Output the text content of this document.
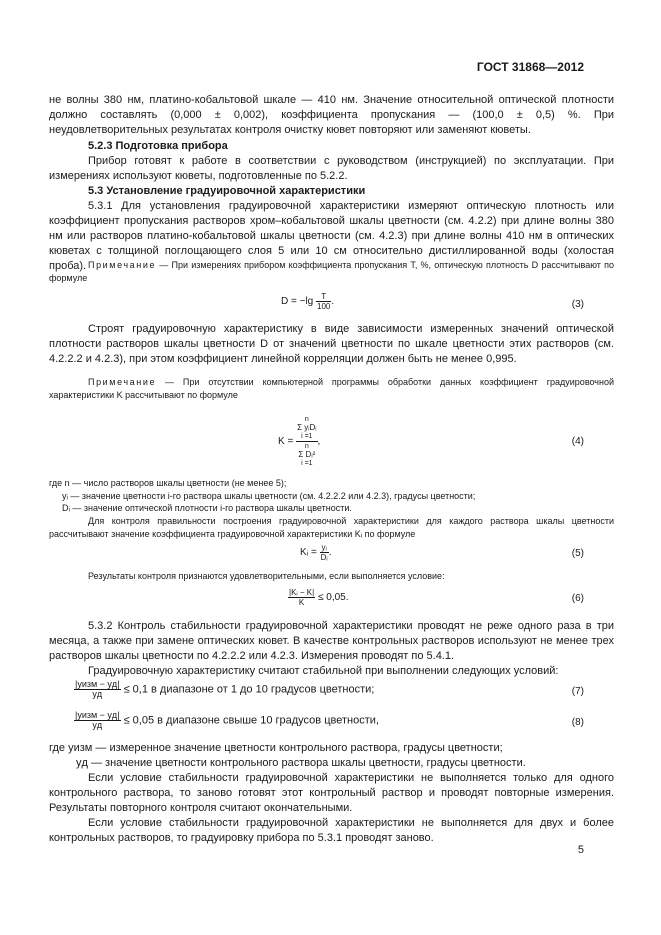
ГОСТ 31868—2012
не волны 380 нм, платино-кобальтовой шкале — 410 нм. Значение относительной оптической плотности должно составлять (0,000 ± 0,002), коэффициента пропускания — (100,0 ± 0,5) %. При неудовлетворительных результатах контроля очистку кювет повторяют или заменяют кюветы.
5.2.3 Подготовка прибора
Прибор готовят к работе в соответствии с руководством (инструкцией) по эксплуатации. При измерениях используют кюветы, подготовленные по 5.2.2.
5.3 Установление градуировочной характеристики
5.3.1 Для установления градуировочной характеристики измеряют оптическую плотность или коэффициент пропускания растворов хром–кобальтовой шкалы цветности (см. 4.2.2) при длине волны 380 нм или растворов платино-кобальтовой шкалы цветности (см. 4.2.3) при длине волны 410 нм в оптических кюветах с толщиной поглощающего слоя 5 или 10 см относительно дистиллированной воды (холостая проба). Примечание — При измерениях прибором коэффициента пропускания T, %, оптическую плотность D рассчитывают по формуле
$D = -\lg \frac{T}{100}$ .	(3)
Строят градуировочную характеристику в виде зависимости измеренных значений оптической плотности растворов шкалы цветности D от значений цветности по шкале цветности этих растворов (см. 4.2.2.2 и 4.2.3), при этом коэффициент линейной корреляции должен быть не менее 0,995.
Примечание — При отсутствии компьютерной программы обработки данных коэффициент градуировочной характеристики K рассчитывают по формуле
K = n
Σ yᵢDᵢ
i =1
n
Σ Dᵢ²
i =1 ,	(4)
где n — число растворов шкалы цветности (не менее 5);
yᵢ — значение цветности i-го раствора шкалы цветности (см. 4.2.2.2 или 4.2.3), градусы цветности;
Dᵢ — значение оптической плотности i-го раствора шкалы цветности.
Для контроля правильности построения градуировочной характеристики для каждого раствора шкалы цветности рассчитывают значение коэффициента градуировочной характеристики Kᵢ по формуле
Kᵢ = $\frac{\text{yᵢ}}{\text{Dᵢ}}$ .	(5)
Результаты контроля признаются удовлетворительными, если выполняется условие:
$\frac{\text{|Kᵢ − K|}}{K} \le 0,05$.	(6)
5.3.2 Контроль стабильности градуировочной характеристики проводят не реже одного раза в три месяца, а также при замене оптических кювет. В качестве контрольных растворов используют не менее трех растворов шкалы цветности по 4.2.2.2 или 4.2.3. Измерения проводят по 5.4.1.
Градуировочную характеристику считают стабильной при выполнении следующих условий:
$\frac{\text{|yизм − yд|}}{yд} \le 0,1$ в диапазоне от 1 до 10 градусов цветности;	(7)
$\frac{\text{|yизм − yд|}}{yд} \le 0,05$ в диапазоне свыше 10 градусов цветности,	(8)
где yизм — измеренное значение цветности контрольного раствора, градусы цветности;
yд — значение цветности контрольного раствора шкалы цветности, градусы цветности.
Если условие стабильности градуировочной характеристики не выполняется только для одного контрольного раствора, то заново готовят этот контрольный раствор и проводят повторные измерения. Результаты повторного контроля считают окончательными.
Если условие стабильности градуировочной характеристики не выполняется для двух и более контрольных растворов, то градуировку прибора по 5.3.1 проводят заново.
5
